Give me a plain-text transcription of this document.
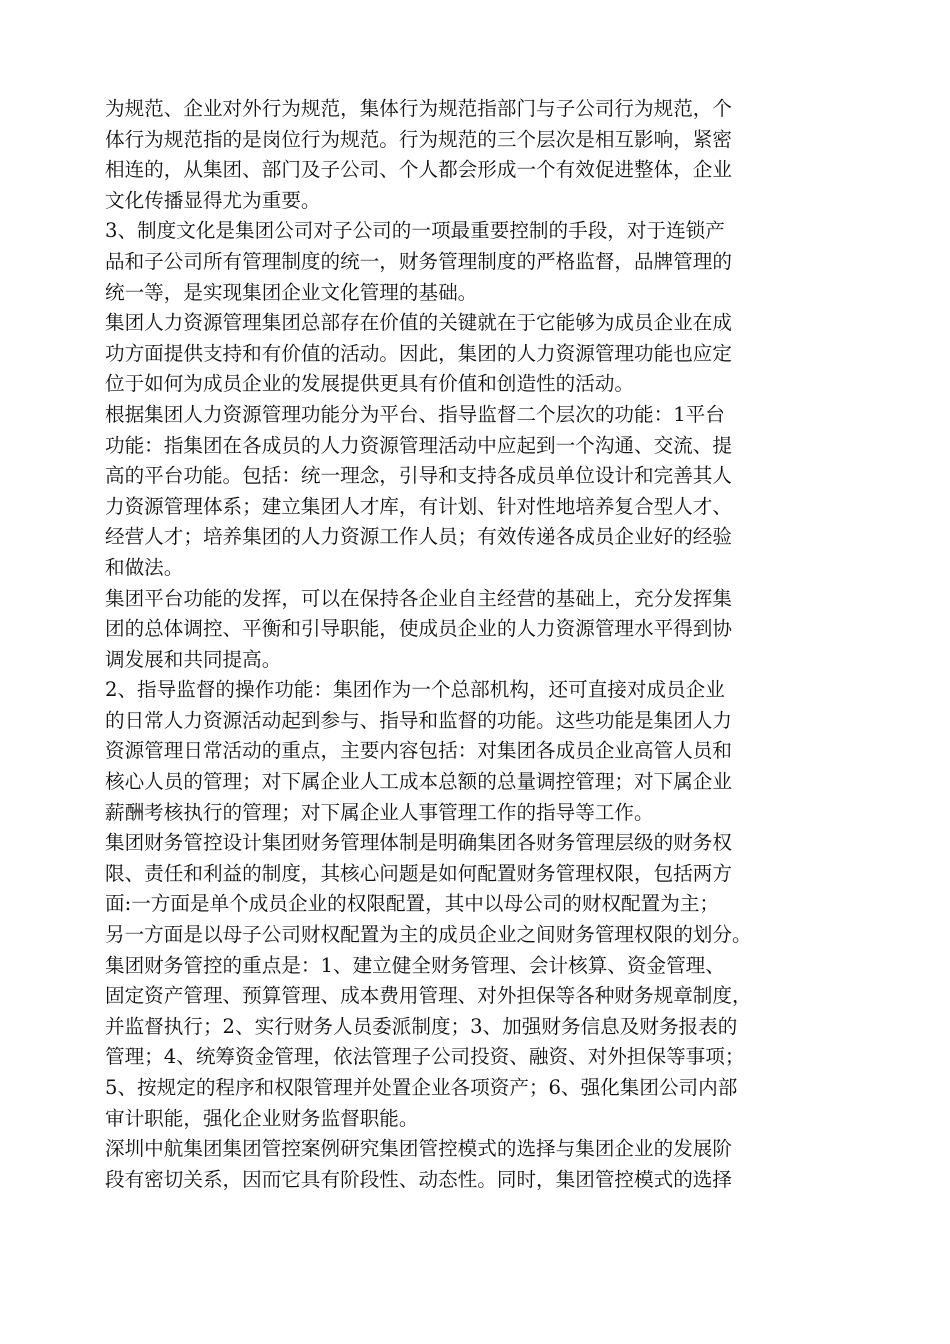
为规范、企业对外行为规范，集体行为规范指部门与子公司行为规范，个
体行为规范指的是岗位行为规范。行为规范的三个层次是相互影响，紧密
相连的，从集团、部门及子公司、个人都会形成一个有效促进整体，企业
文化传播显得尤为重要。
3、制度文化是集团公司对子公司的一项最重要控制的手段，对于连锁产
品和子公司所有管理制度的统一，财务管理制度的严格监督，品牌管理的
统一等，是实现集团企业文化管理的基础。
集团人力资源管理集团总部存在价值的关键就在于它能够为成员企业在成
功方面提供支持和有价值的活动。因此，集团的人力资源管理功能也应定
位于如何为成员企业的发展提供更具有价值和创造性的活动。
根据集团人力资源管理功能分为平台、指导监督二个层次的功能：1平台
功能：指集团在各成员的人力资源管理活动中应起到一个沟通、交流、提
高的平台功能。包括：统一理念，引导和支持各成员单位设计和完善其人
力资源管理体系；建立集团人才库，有计划、针对性地培养复合型人才、
经营人才；培养集团的人力资源工作人员；有效传递各成员企业好的经验
和做法。
集团平台功能的发挥，可以在保持各企业自主经营的基础上，充分发挥集
团的总体调控、平衡和引导职能，使成员企业的人力资源管理水平得到协
调发展和共同提高。
2、指导监督的操作功能：集团作为一个总部机构，还可直接对成员企业
的日常人力资源活动起到参与、指导和监督的功能。这些功能是集团人力
资源管理日常活动的重点，主要内容包括：对集团各成员企业高管人员和
核心人员的管理；对下属企业人工成本总额的总量调控管理；对下属企业
薪酬考核执行的管理；对下属企业人事管理工作的指导等工作。
集团财务管控设计集团财务管理体制是明确集团各财务管理层级的财务权
限、责任和利益的制度，其核心问题是如何配置财务管理权限，包括两方
面:一方面是单个成员企业的权限配置，其中以母公司的财权配置为主；
另一方面是以母子公司财权配置为主的成员企业之间财务管理权限的划分。
集团财务管控的重点是：1、建立健全财务管理、会计核算、资金管理、
固定资产管理、预算管理、成本费用管理、对外担保等各种财务规章制度，
并监督执行；2、实行财务人员委派制度；3、加强财务信息及财务报表的
管理；4、统筹资金管理，依法管理子公司投资、融资、对外担保等事项；
5、按规定的程序和权限管理并处置企业各项资产；6、强化集团公司内部
审计职能，强化企业财务监督职能。
深圳中航集团集团管控案例研究集团管控模式的选择与集团企业的发展阶
段有密切关系，因而它具有阶段性、动态性。同时，集团管控模式的选择
